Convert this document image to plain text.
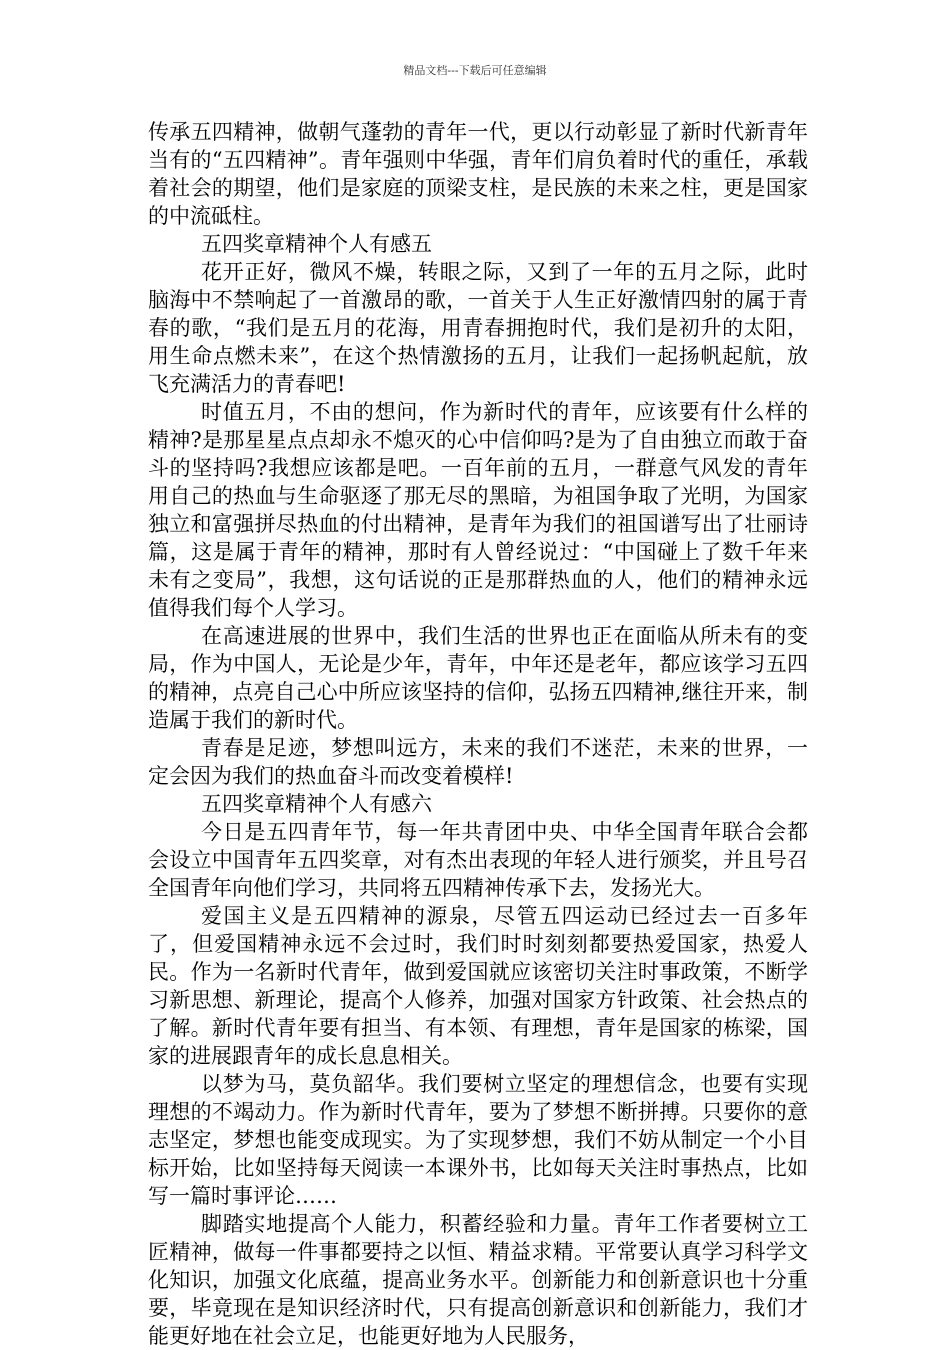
精品文档---下载后可任意编辑

传承五四精神，做朝气蓬勃的青年一代，更以行动彰显了新时代新青年当有的“五四精神”。青年强则中华强，青年们肩负着时代的重任，承载着社会的期望，他们是家庭的顶梁支柱，是民族的未来之柱，更是国家的中流砥柱。

五四奖章精神个人有感五

花开正好，微风不燥，转眼之际，又到了一年的五月之际，此时脑海中不禁响起了一首激昂的歌，一首关于人生正好激情四射的属于青春的歌，“我们是五月的花海，用青春拥抱时代，我们是初升的太阳，用生命点燃未来”，在这个热情激扬的五月，让我们一起扬帆起航，放飞充满活力的青春吧!

时值五月，不由的想问，作为新时代的青年，应该要有什么样的精神?是那星星点点却永不熄灭的心中信仰吗?是为了自由独立而敢于奋斗的坚持吗?我想应该都是吧。一百年前的五月，一群意气风发的青年用自己的热血与生命驱逐了那无尽的黑暗，为祖国争取了光明，为国家独立和富强拼尽热血的付出精神，是青年为我们的祖国谱写出了壮丽诗篇，这是属于青年的精神，那时有人曾经说过：“中国碰上了数千年来未有之变局”，我想，这句话说的正是那群热血的人，他们的精神永远值得我们每个人学习。

在高速进展的世界中，我们生活的世界也正在面临从所未有的变局，作为中国人，无论是少年，青年，中年还是老年，都应该学习五四的精神，点亮自己心中所应该坚持的信仰，弘扬五四精神,继往开来，制造属于我们的新时代。

青春是足迹，梦想叫远方，未来的我们不迷茫，未来的世界，一定会因为我们的热血奋斗而改变着模样!

五四奖章精神个人有感六

今日是五四青年节，每一年共青团中央、中华全国青年联合会都会设立中国青年五四奖章，对有杰出表现的年轻人进行颁奖，并且号召全国青年向他们学习，共同将五四精神传承下去，发扬光大。

爱国主义是五四精神的源泉，尽管五四运动已经过去一百多年了，但爱国精神永远不会过时，我们时时刻刻都要热爱国家，热爱人民。作为一名新时代青年，做到爱国就应该密切关注时事政策，不断学习新思想、新理论，提高个人修养，加强对国家方针政策、社会热点的了解。新时代青年要有担当、有本领、有理想，青年是国家的栋梁，国家的进展跟青年的成长息息相关。

以梦为马，莫负韶华。我们要树立坚定的理想信念，也要有实现理想的不竭动力。作为新时代青年，要为了梦想不断拼搏。只要你的意志坚定，梦想也能变成现实。为了实现梦想，我们不妨从制定一个小目标开始，比如坚持每天阅读一本课外书，比如每天关注时事热点，比如写一篇时事评论……

脚踏实地提高个人能力，积蓄经验和力量。青年工作者要树立工匠精神，做每一件事都要持之以恒、精益求精。平常要认真学习科学文化知识，加强文化底蕴，提高业务水平。创新能力和创新意识也十分重要，毕竟现在是知识经济时代，只有提高创新意识和创新能力，我们才能更好地在社会立足，也能更好地为人民服务，
